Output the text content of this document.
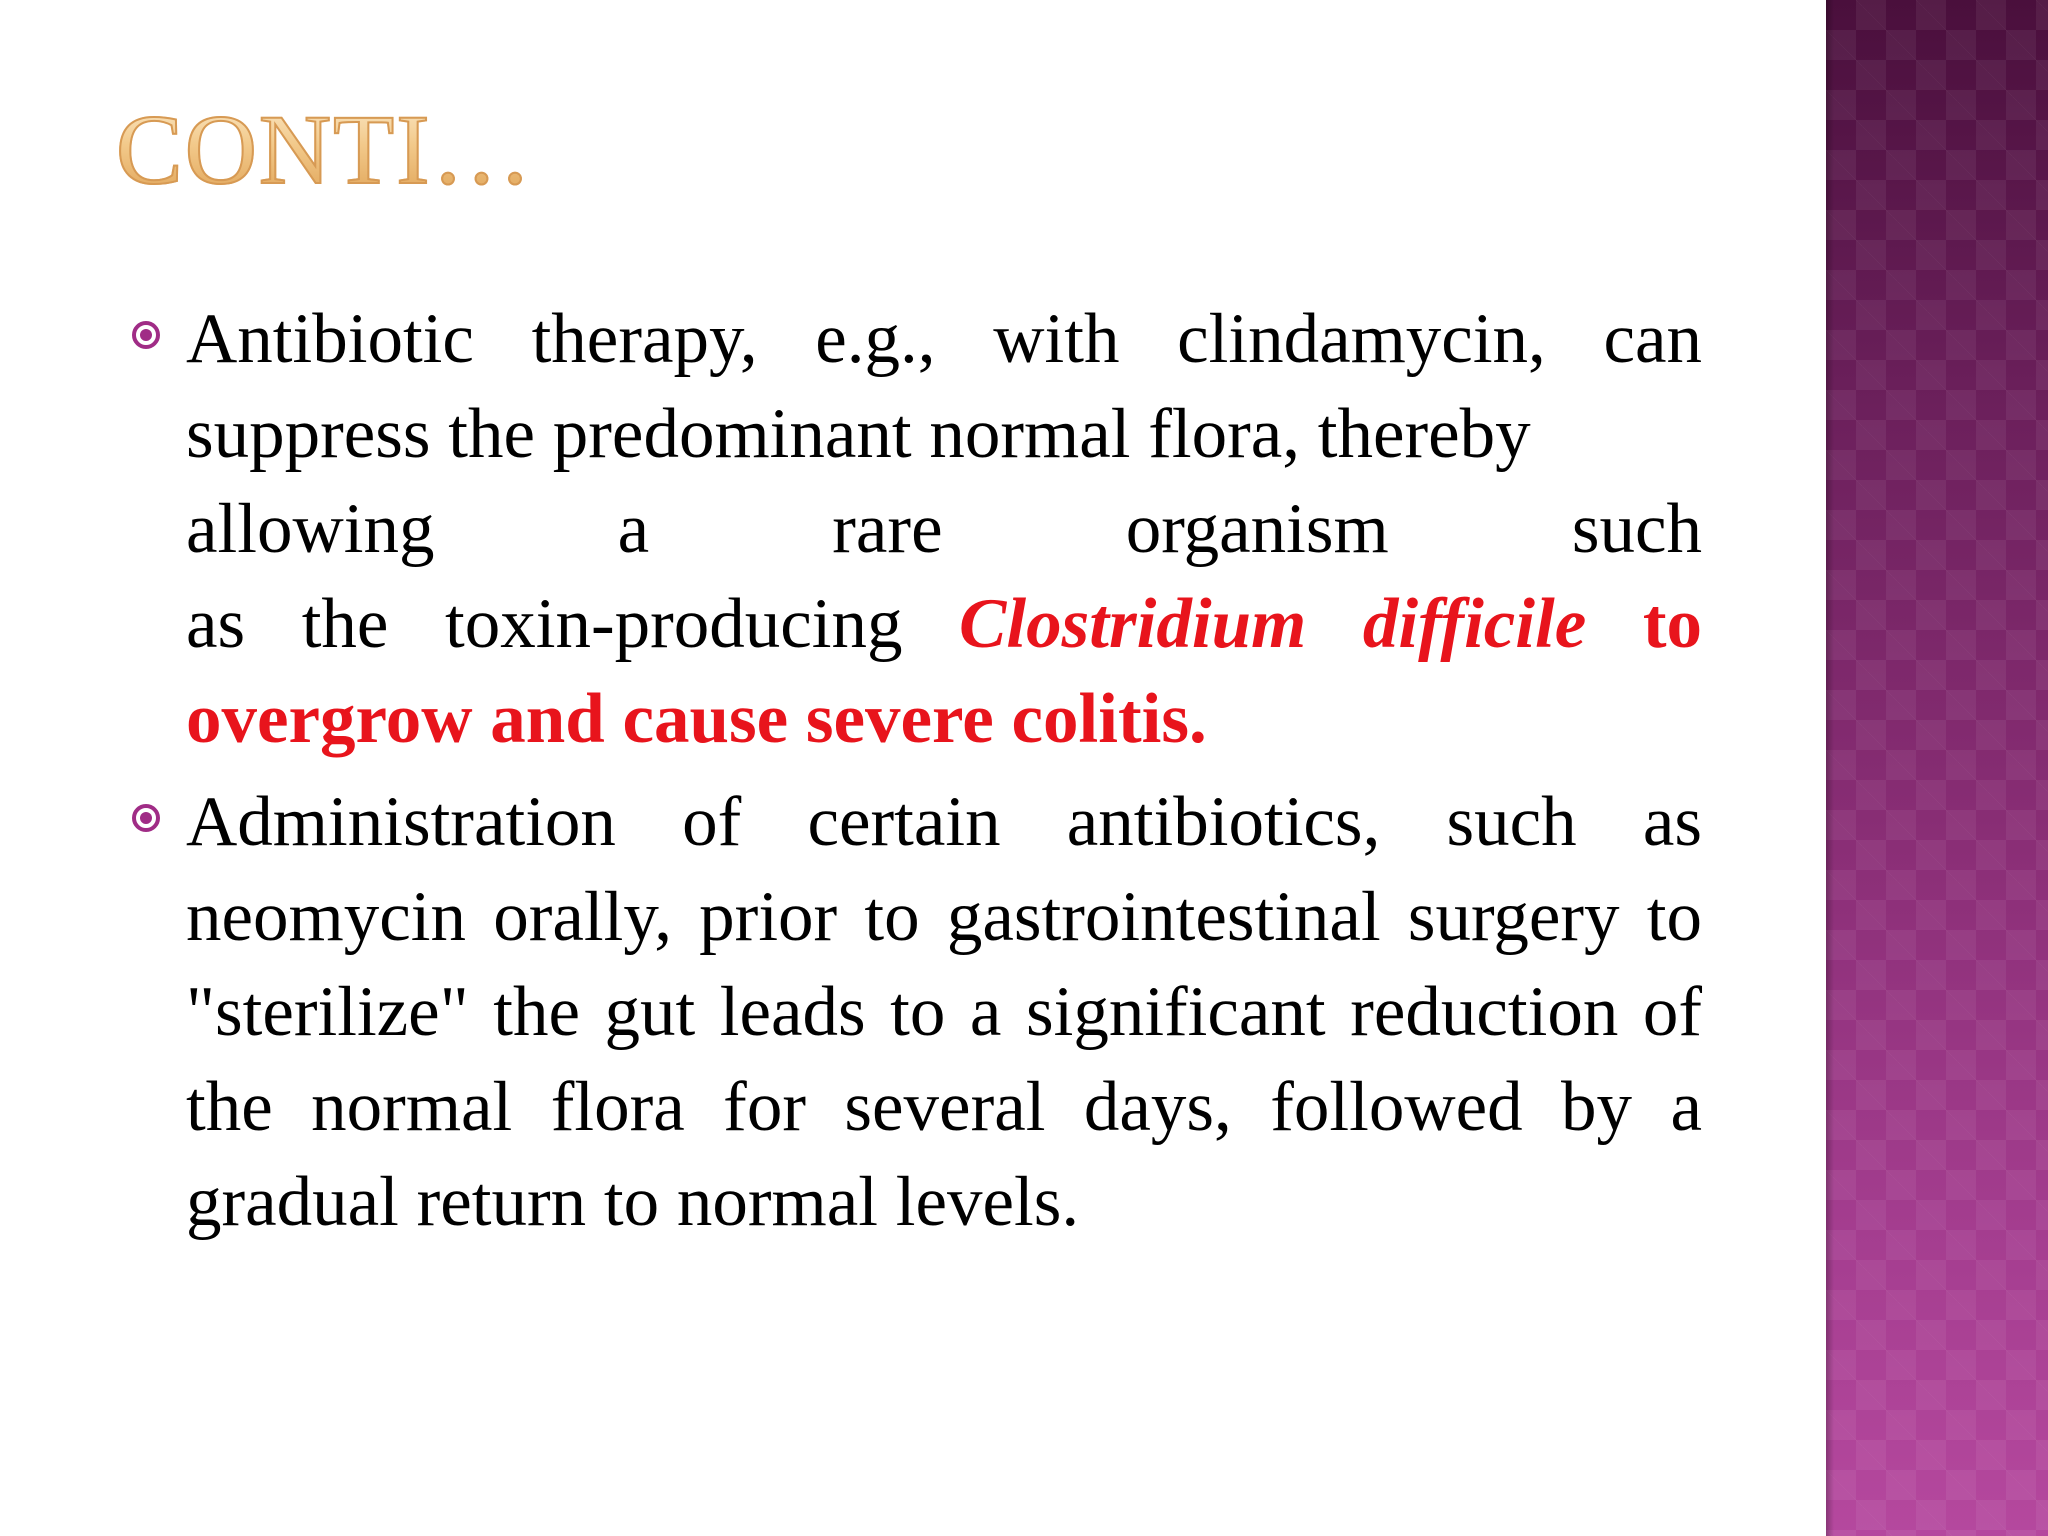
CONTI…
Antibiotic therapy, e.g., with clindamycin, can suppress the predominant normal flora, thereby
allowing a rare organism such
as the toxin-producing Clostridium difficile to overgrow and cause severe colitis.
Administration of certain antibiotics, such as neomycin orally, prior to gastrointestinal surgery to "sterilize" the gut leads to a significant reduction of the normal flora for several days, followed by a gradual return to normal levels.
